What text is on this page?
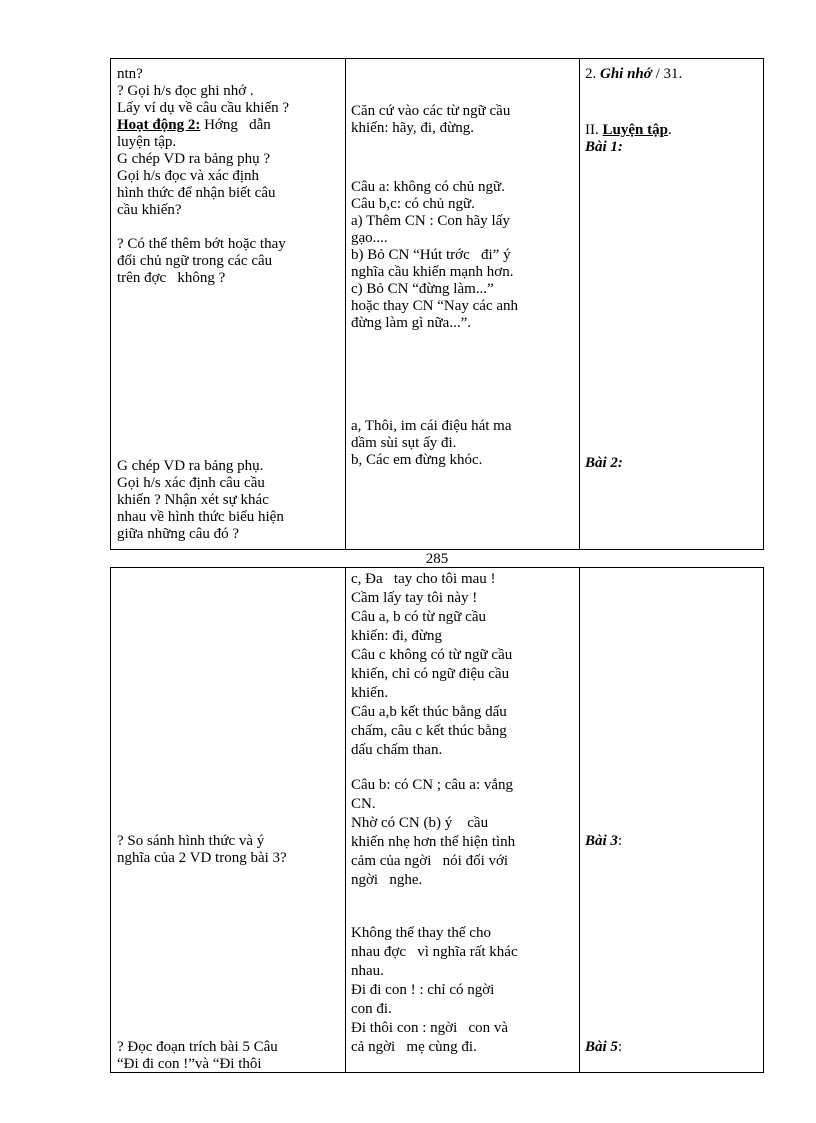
ntn?
? Gọi h/s đọc ghi nhớ .
Lấy ví dụ về câu cầu khiến ?
Hoạt động 2: Hớng   dẫn
luyện tập.
G chép VD ra bảng phụ ?
Gọi h/s đọc và xác định
hình thức để nhận biết câu
cầu khiến?
? Có thể thêm bớt hoặc thay
đổi chủ ngữ trong các câu
trên đợc   không ?
G chép VD ra bảng phụ.
Gọi h/s xác định câu cầu
khiến ? Nhận xét sự khác
nhau về hình thức biểu hiện
giữa những câu đó ?
Căn cứ vào các từ ngữ cầu
khiến: hãy, đi, đừng.
Câu a: không có chủ ngữ.
Câu b,c: có chủ ngữ.
a) Thêm CN : Con hãy lấy
gạo....
b) Bỏ CN “Hút trớc   đi” ý
nghĩa cầu khiến mạnh hơn.
c) Bỏ CN “đừng làm...”
hoặc thay CN “Nay các anh
đừng làm gì nữa...”.
a, Thôi, im cái điệu hát ma
dầm sùi sụt ấy đi.
b, Các em đừng khóc.
2. Ghi nhớ / 31.
II. Luyện tập.
Bài 1:
Bài 2:
285
? So sánh hình thức và ý
nghĩa của 2 VD trong bài 3?
? Đọc đoạn trích bài 5 Câu
“Đi đi con !”và “Đi thôi
c, Đa   tay cho tôi mau !
Cầm lấy tay tôi này !
Câu a, b có từ ngữ cầu
khiến: đi, đừng
Câu c không có từ ngữ cầu
khiến, chỉ có ngữ điệu cầu
khiến.
Câu a,b kết thúc bằng dấu
chấm, câu c kết thúc bằng
dấu chấm than.
Câu b: có CN ; câu a: vắng
CN.
Nhờ có CN (b) ý    cầu
khiến nhẹ hơn thể hiện tình
cảm của ngời   nói đối với
ngời   nghe.
Không thể thay thế cho
nhau đợc   vì nghĩa rất khác
nhau.
Đi đi con ! : chỉ có ngời
con đi.
Đi thôi con : ngời   con và
cả ngời   mẹ cùng đi.
Bài 3:
Bài 5:
